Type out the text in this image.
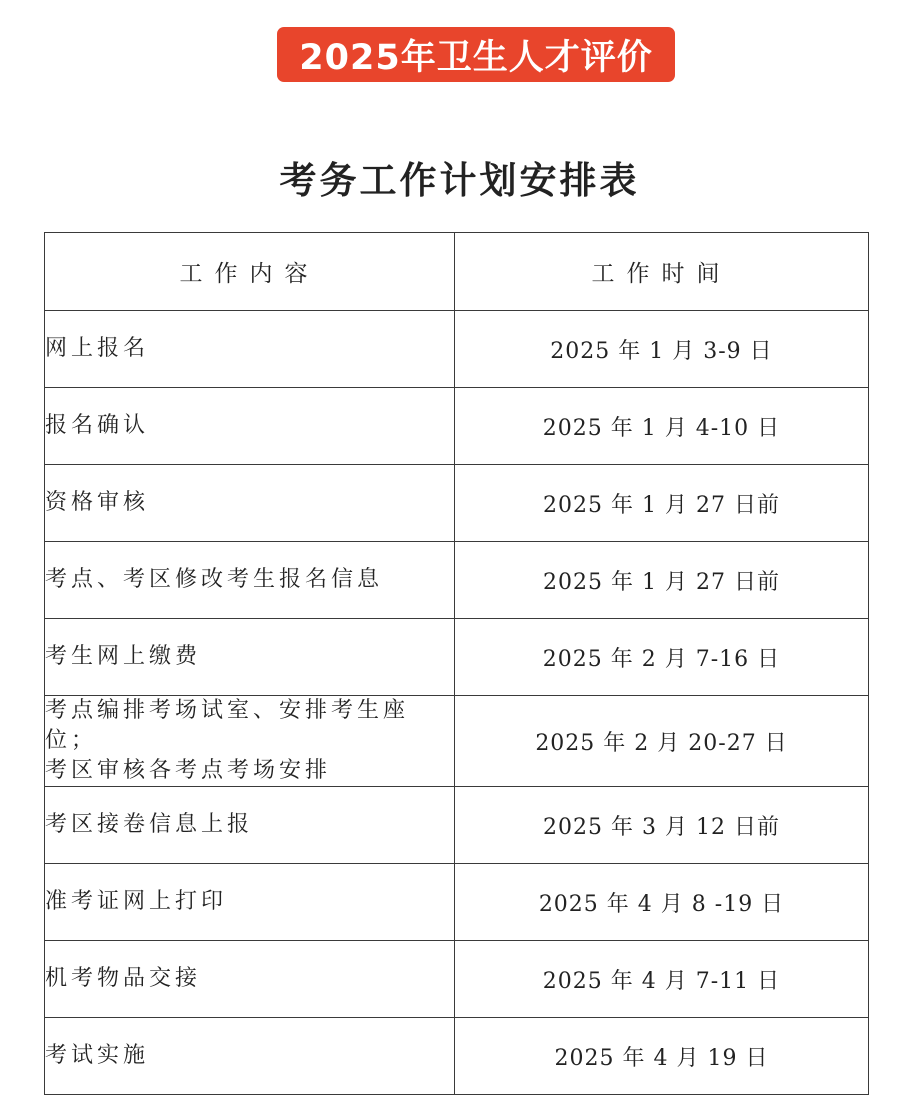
2025年卫生人才评价
考务工作计划安排表
工作内容	工作时间
网上报名	2025 年 1 月 3-9 日
报名确认	2025 年 1 月 4-10 日
资格审核	2025 年 1 月 27 日前
考点、考区修改考生报名信息	2025 年 1 月 27 日前
考生网上缴费	2025 年 2 月 7-16 日
考点编排考场试室、安排考生座位；
考区审核各考点考场安排	2025 年 2 月 20-27 日
考区接卷信息上报	2025 年 3 月 12 日前
准考证网上打印	2025 年 4 月 8 -19 日
机考物品交接	2025 年 4 月 7-11 日
考试实施	2025 年 4 月 19 日
